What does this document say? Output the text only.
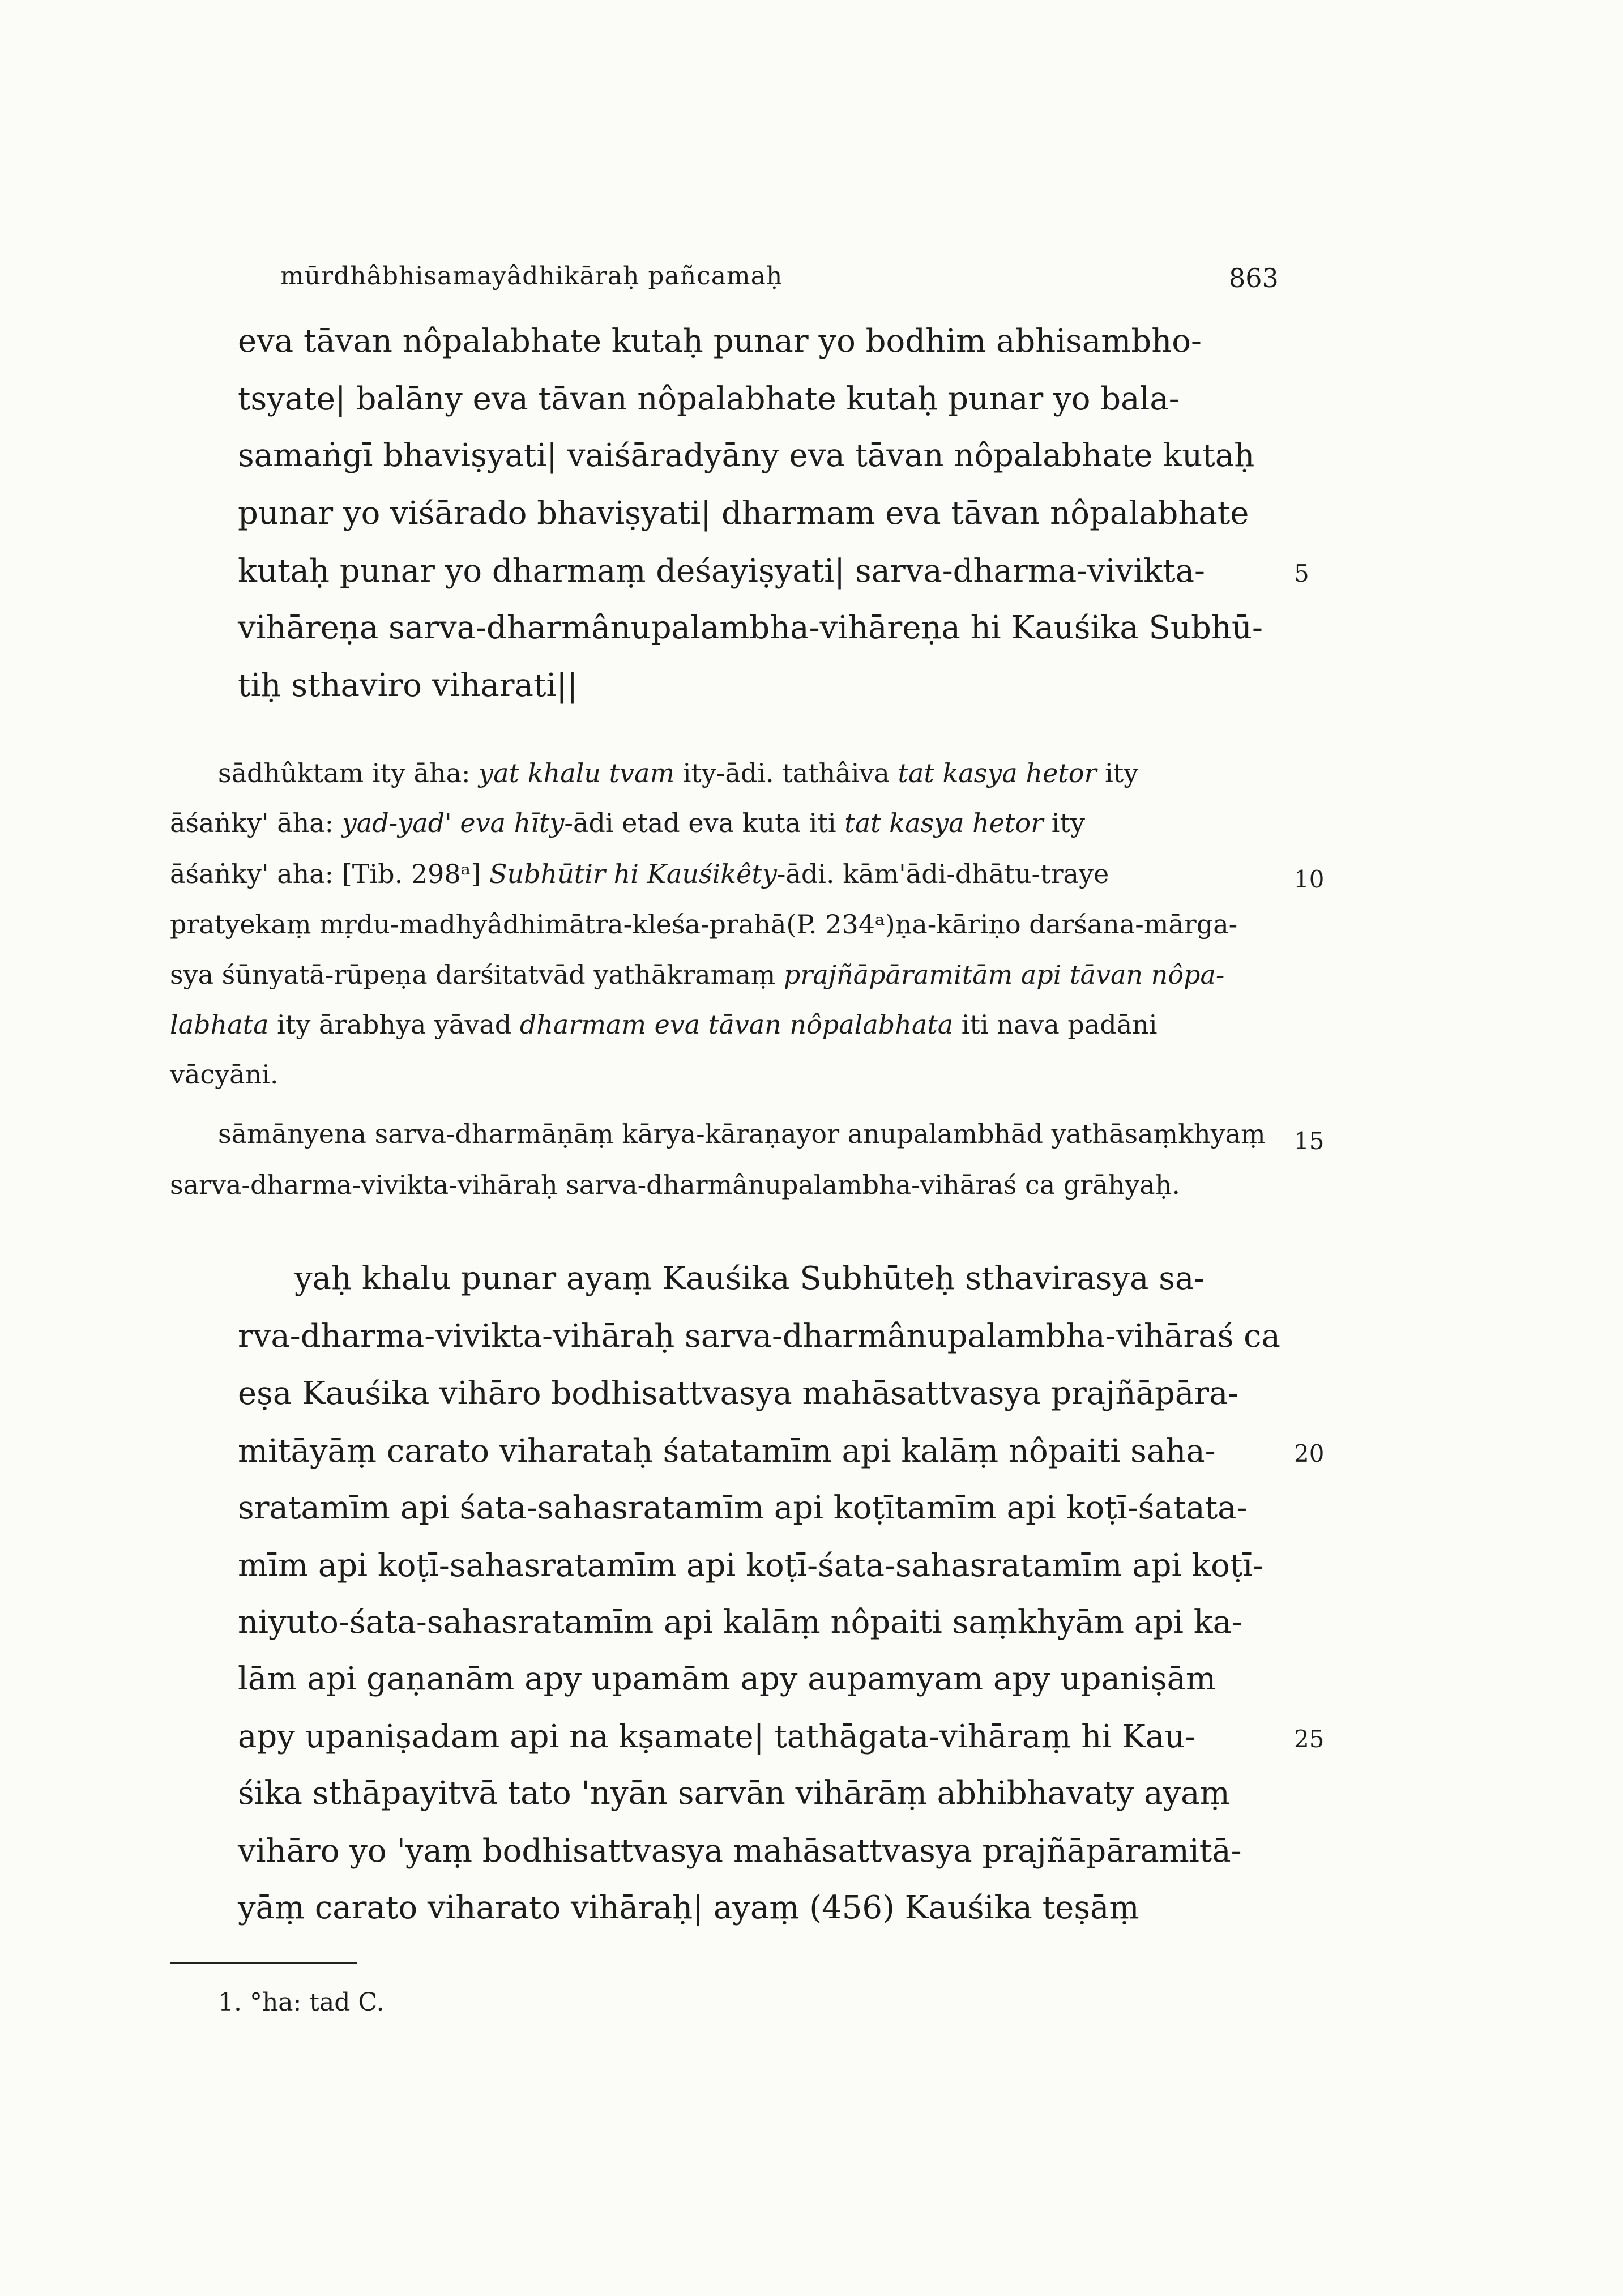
mūrdhâbhisamayâdhikāraḥ pañcamaḥ	863
eva tāvan nôpalabhate kutaḥ punar yo bodhim abhisambho-
tsyate| balāny eva tāvan nôpalabhate kutaḥ punar yo bala-
samaṅgī bhaviṣyati| vaiśāradyāny eva tāvan nôpalabhate kutaḥ
punar yo viśārado bhaviṣyati| dharmam eva tāvan nôpalabhate
kutaḥ punar yo dharmaṃ deśayiṣyati| sarva-dharma-vivikta-
vihāreṇa sarva-dharmânupalambha-vihāreṇa hi Kauśika Subhū-
tiḥ sthaviro viharati||
5
sādhûktam ity āha: yat khalu tvam ity-ādi. tathâiva tat kasya hetor ity
āśaṅky' āha: yad-yad' eva hīty-ādi etad eva kuta iti tat kasya hetor ity
āśaṅky' aha: [Tib. 298ᵃ] Subhūtir hi Kauśikêty-ādi. kām'ādi-dhātu-traye
pratyekaṃ mṛdu-madhyâdhimātra-kleśa-prahā(P. 234ᵃ)ṇa-kāriṇo darśana-mārga-
sya śūnyatā-rūpeṇa darśitatvād yathākramaṃ prajñāpāramitām api tāvan nôpa-
labhata ity ārabhya yāvad dharmam eva tāvan nôpalabhata iti nava padāni
vācyāni.
10
sāmānyena sarva-dharmāṇāṃ kārya-kāraṇayor anupalambhād yathāsaṃkhyaṃ
sarva-dharma-vivikta-vihāraḥ sarva-dharmânupalambha-vihāraś ca grāhyaḥ.
15
yaḥ khalu punar ayaṃ Kauśika Subhūteḥ sthavirasya sa-
rva-dharma-vivikta-vihāraḥ sarva-dharmânupalambha-vihāraś ca
eṣa Kauśika vihāro bodhisattvasya mahāsattvasya prajñāpāra-
mitāyāṃ carato viharataḥ śatatamīm api kalāṃ nôpaiti saha-
sratamīm api śata-sahasratamīm api koṭītamīm api koṭī-śatata-
mīm api koṭī-sahasratamīm api koṭī-śata-sahasratamīm api koṭī-
niyuto-śata-sahasratamīm api kalāṃ nôpaiti saṃkhyām api ka-
lām api gaṇanām apy upamām apy aupamyam apy upaniṣām
apy upaniṣadam api na kṣamate| tathāgata-vihāraṃ hi Kau-
śika sthāpayitvā tato 'nyān sarvān vihārāṃ abhibhavaty ayaṃ
vihāro yo 'yaṃ bodhisattvasya mahāsattvasya prajñāpāramitā-
yāṃ carato viharato vihāraḥ| ayaṃ (456) Kauśika teṣāṃ
20
25
1. °ha: tad C.
